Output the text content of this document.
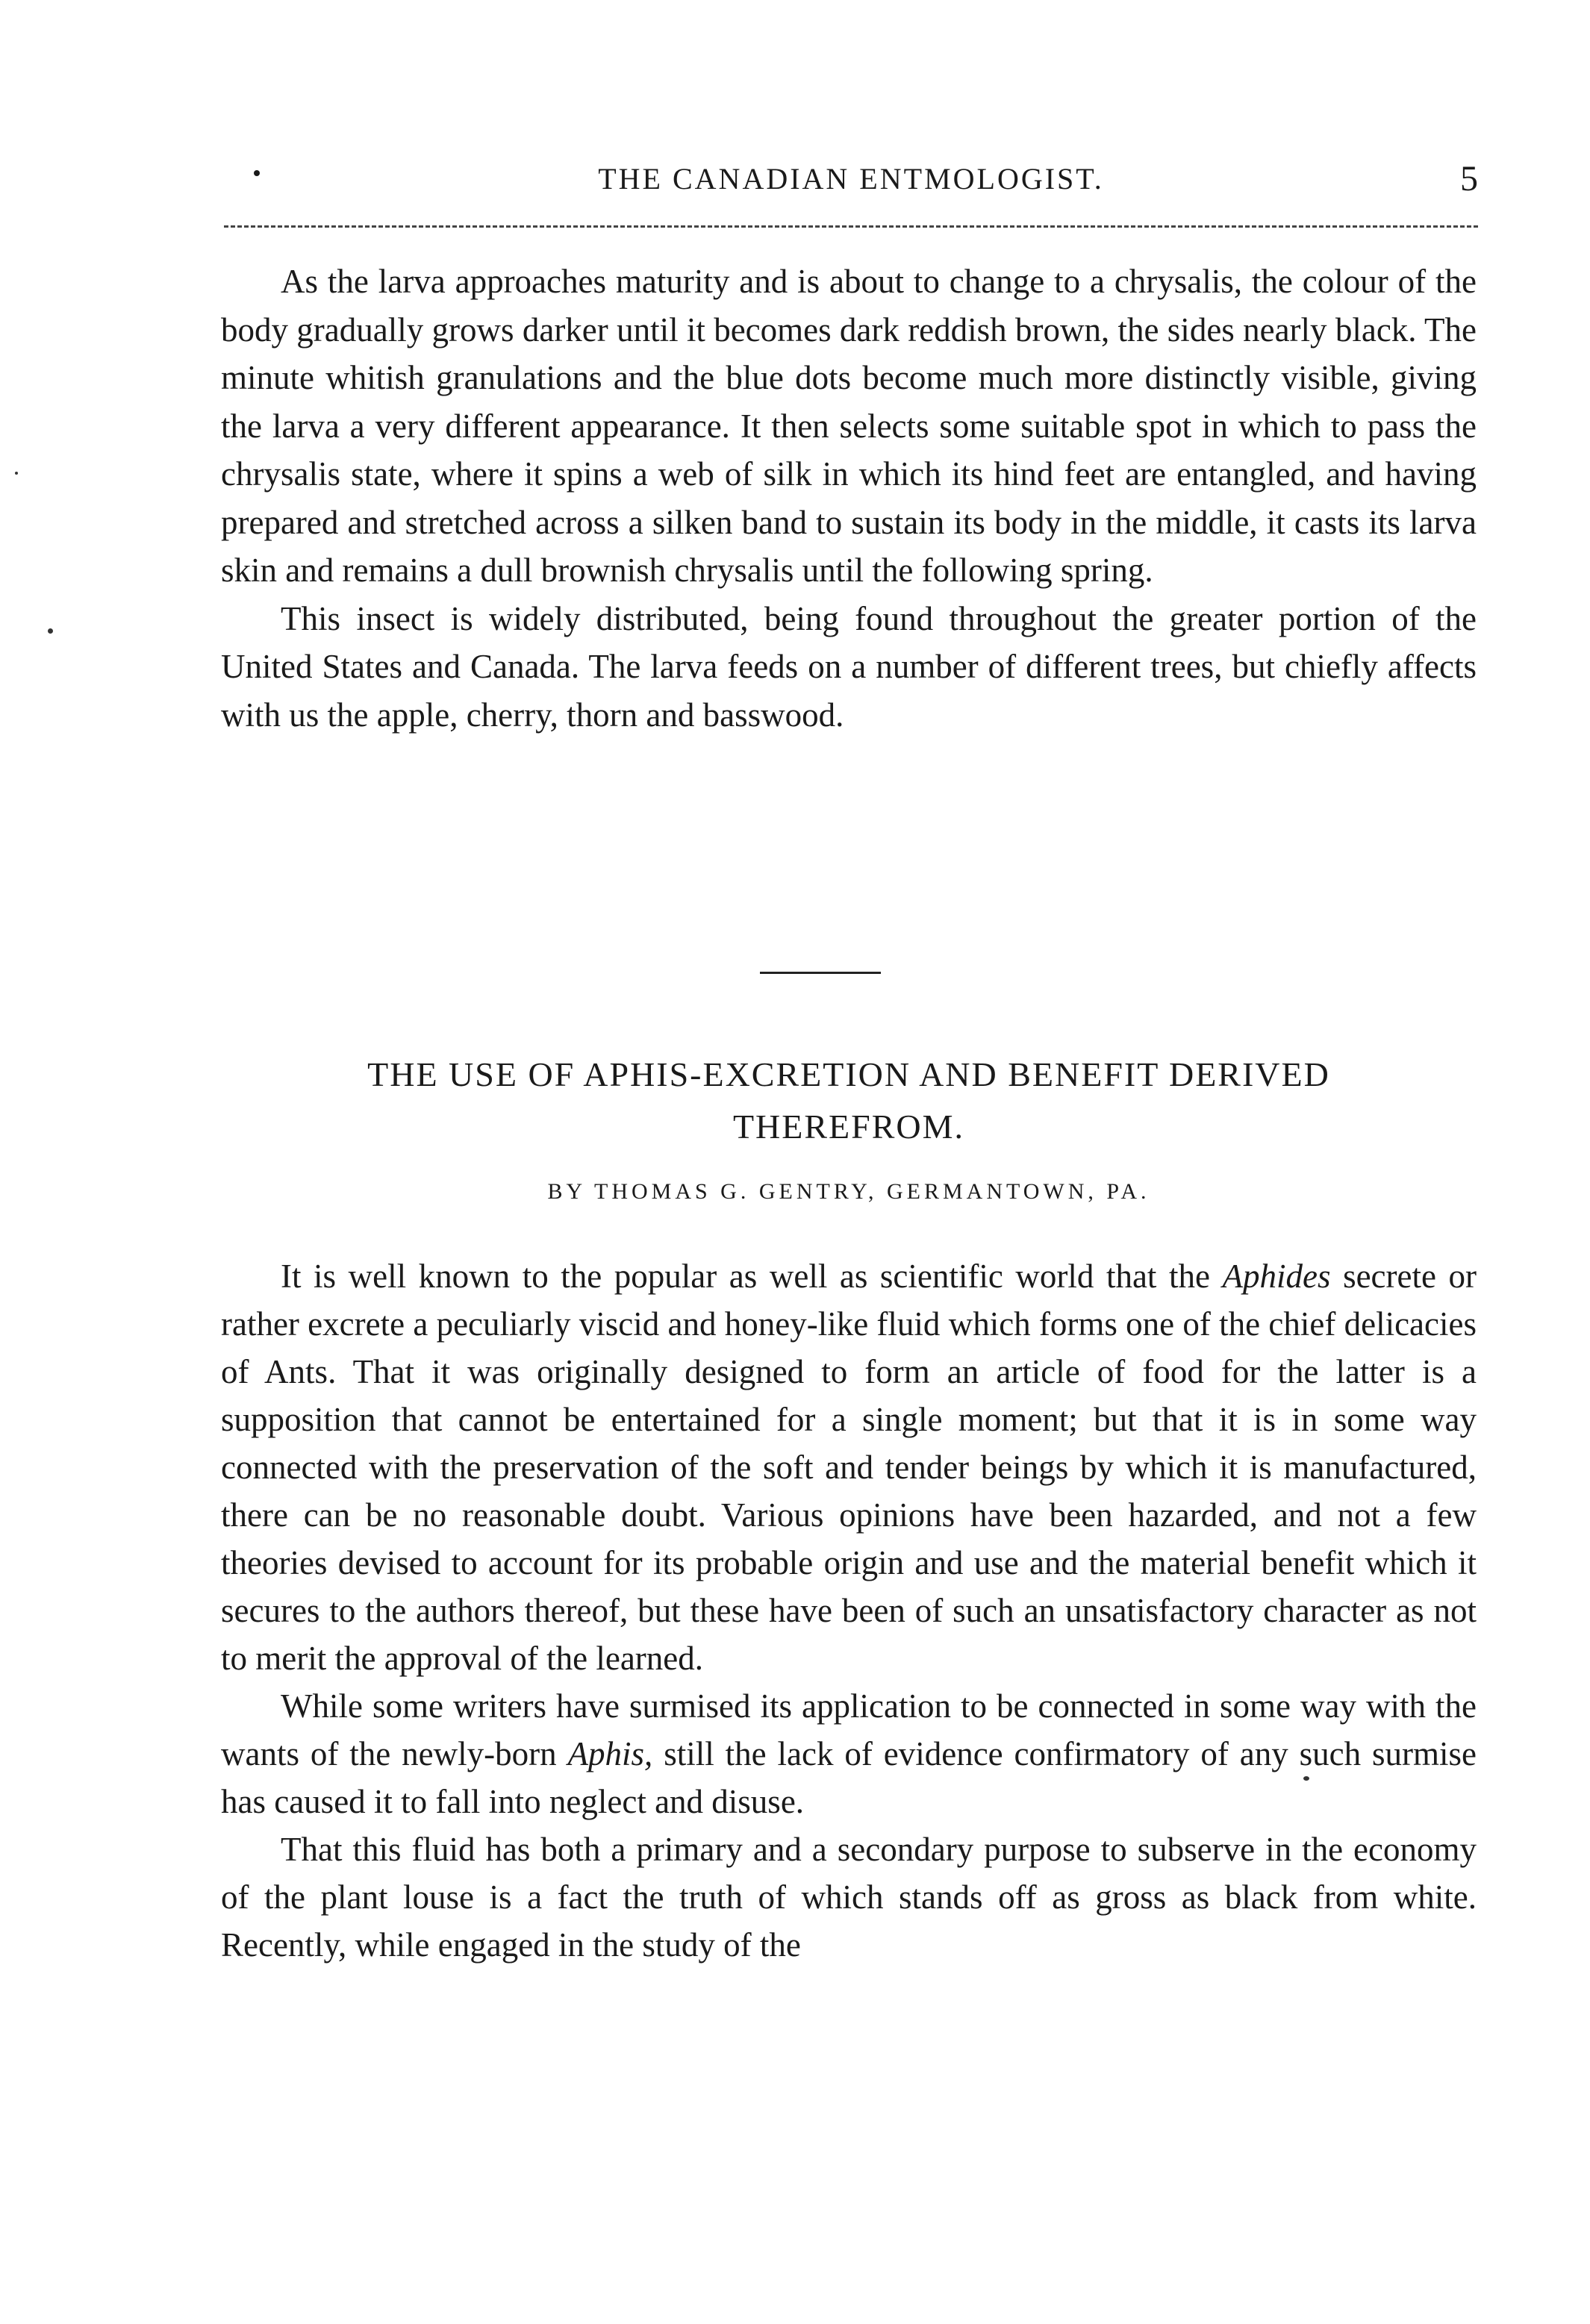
THE CANADIAN ENTMOLOGIST.	5

As the larva approaches maturity and is about to change to a chrysalis, the colour of the body gradually grows darker until it becomes dark reddish brown, the sides nearly black. The minute whitish granulations and the blue dots become much more distinctly visible, giving the larva a very different appearance. It then selects some suitable spot in which to pass the chrysalis state, where it spins a web of silk in which its hind feet are entangled, and having prepared and stretched across a silken band to sustain its body in the middle, it casts its larva skin and remains a dull brownish chrysalis until the following spring.

This insect is widely distributed, being found throughout the greater portion of the United States and Canada. The larva feeds on a number of different trees, but chiefly affects with us the apple, cherry, thorn and basswood.

THE USE OF APHIS-EXCRETION AND BENEFIT DERIVED
THEREFROM.
BY THOMAS G. GENTRY, GERMANTOWN, PA.

It is well known to the popular as well as scientific world that the Aphides secrete or rather excrete a peculiarly viscid and honey-like fluid which forms one of the chief delicacies of Ants. That it was originally designed to form an article of food for the latter is a supposition that cannot be entertained for a single moment; but that it is in some way connected with the preservation of the soft and tender beings by which it is manufactured, there can be no reasonable doubt. Various opinions have been hazarded, and not a few theories devised to account for its probable origin and use and the material benefit which it secures to the authors thereof, but these have been of such an unsatisfactory character as not to merit the approval of the learned.

While some writers have surmised its application to be connected in some way with the wants of the newly-born Aphis, still the lack of evidence confirmatory of any such surmise has caused it to fall into neglect and disuse.

That this fluid has both a primary and a secondary purpose to subserve in the economy of the plant louse is a fact the truth of which stands off as gross as black from white. Recently, while engaged in the study of the
